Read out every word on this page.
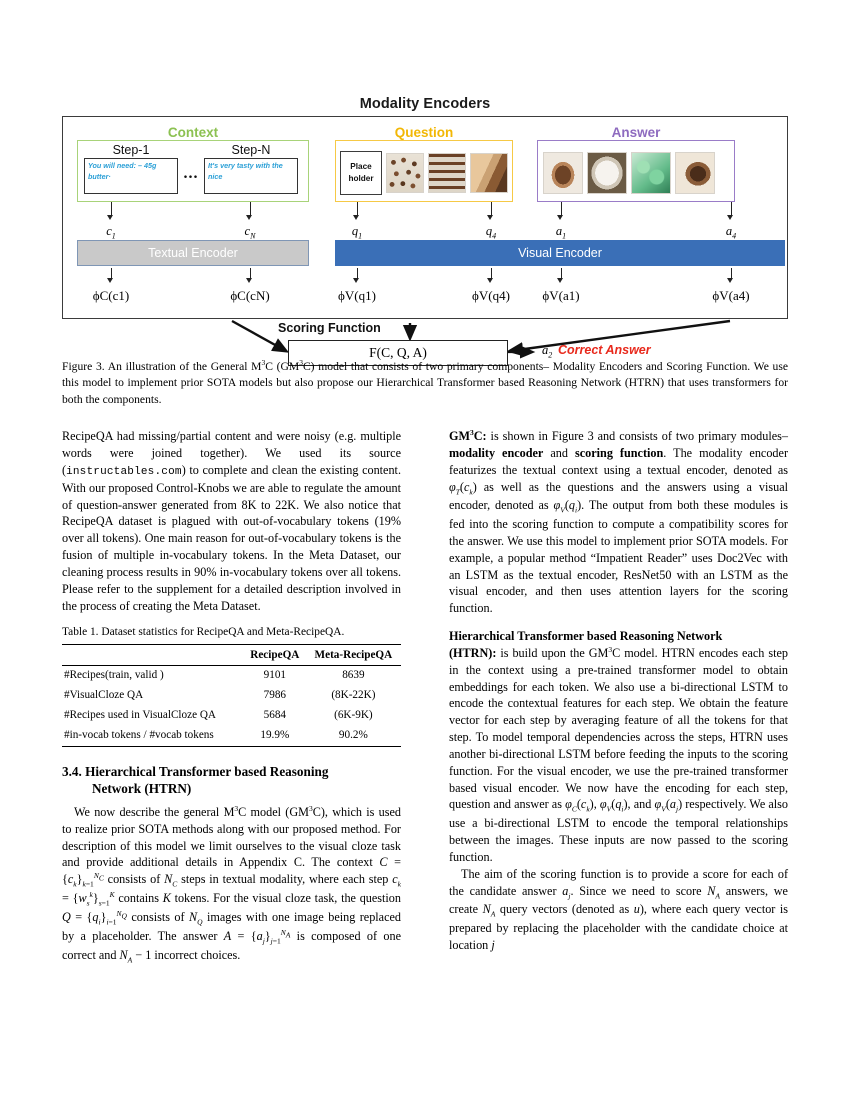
Modality Encoders
Context	Question	Answer
Step-1
You will need: – 45g butter·	...
Step-N
It's very tasty with the nice
Place
holder
$c_1$	$c_N$	$q_1$	$q_4$	$a_1$	$a_4$
Textual Encoder	Visual Encoder
ϕC(c1)	ϕC(cN)	ϕV(q1)	ϕV(q4) ϕV(a1)	ϕV(a4)
Scoring Function
F(C, Q, A)	$a_2$ Correct Answer
Figure 3. An illustration of the General $M^3C$ $(GM^3C)$ model that consists of two primary components– Modality Encoders and Scoring Function. We use this model to implement prior SOTA models but also propose our Hierarchical Transformer based Reasoning Network (HTRN) that uses transformers for both the components.

RecipeQA had missing/partial content and were noisy (e.g. multiple words were joined together). We used its source (instructables.com) to complete and clean the existing content. With our proposed Control-Knobs we are able to regulate the amount of question-answer generated from 8K to 22K. We also notice that RecipeQA dataset is plagued with out-of-vocabulary tokens (19% over all tokens). One main reason for out-of-vocabulary tokens is the fusion of multiple in-vocabulary tokens. In the Meta Dataset, our cleaning process results in 90% in-vocabulary tokens over all tokens. Please refer to the supplement for a detailed description involved in the process of creating the Meta Dataset.

Table 1. Dataset statistics for RecipeQA and Meta-RecipeQA.
	RecipeQA	Meta-RecipeQA
#Recipes(train, valid )	9101	8639
#VisualCloze QA	7986	(8K-22K)
#Recipes used in VisualCloze QA	5684	(6K-9K)
#in-vocab tokens / #vocab tokens	19.9%	90.2%
3.4. Hierarchical Transformer based Reasoning
Network (HTRN)

We now describe the general $M^3C$ model $(GM^3C)$, which is used to realize prior SOTA methods along with our proposed method. For description of this model we limit ourselves to the visual cloze task and provide additional details in Appendix C. The context $C = \{c_k\}_{k=1}^{N_C}$ consists of $N_C$ steps in textual modality, where each step $c_k = \{w_s^k\}_{s=1}^K$ contains K tokens. For the visual cloze task, the question $Q = \{q_i\}_{i=1}^{N_Q}$ consists of $N_Q$ images with one image being replaced by a placeholder. The answer $A = \{a_j\}_{j=1}^{N_A}$ is composed of one correct and $N_A - 1$ incorrect choices.

$GM^3C$: is shown in Figure 3 and consists of two primary modules– modality encoder and scoring function. The modality encoder featurizes the textual context using a textual encoder, denoted as $\varphi_T(c_k)$ as well as the questions and the answers using a visual encoder, denoted as $\varphi_V(q_i)$. The output from both these modules is fed into the scoring function to compute a compatibility scores for the answer. We use this model to implement prior SOTA models. For example, a popular method “Impatient Reader” uses Doc2Vec with an LSTM as the textual encoder, ResNet50 with an LSTM as the visual encoder, and then uses attention layers for the scoring function.

Hierarchical Transformer based Reasoning Network
(HTRN): is build upon the $GM^3C$ model. HTRN encodes each step in the context using a pre-trained transformer model to obtain embeddings for each token. We also use a bi-directional LSTM to encode the contextual features for each step. We obtain the feature vector for each step by averaging feature of all the tokens for that step. To model temporal dependencies across the steps, HTRN uses another bi-directional LSTM before feeding the inputs to the scoring function. For the visual encoder, we use the pre-trained transformer based visual encoder. We now have the encoding for each step, question and answer as $\varphi_C(c_k)$, $\varphi_V(q_i)$, and $\varphi_V(a_j)$ respectively. We also use a bi-directional LSTM to encode the temporal relationships between the images. These inputs are now passed to the scoring function.

The aim of the scoring function is to provide a score for each of the candidate answer $a_j$. Since we need to score $N_A$ answers, we create $N_A$ query vectors (denoted as u), where each query vector is prepared by replacing the placeholder with the candidate choice at location j
